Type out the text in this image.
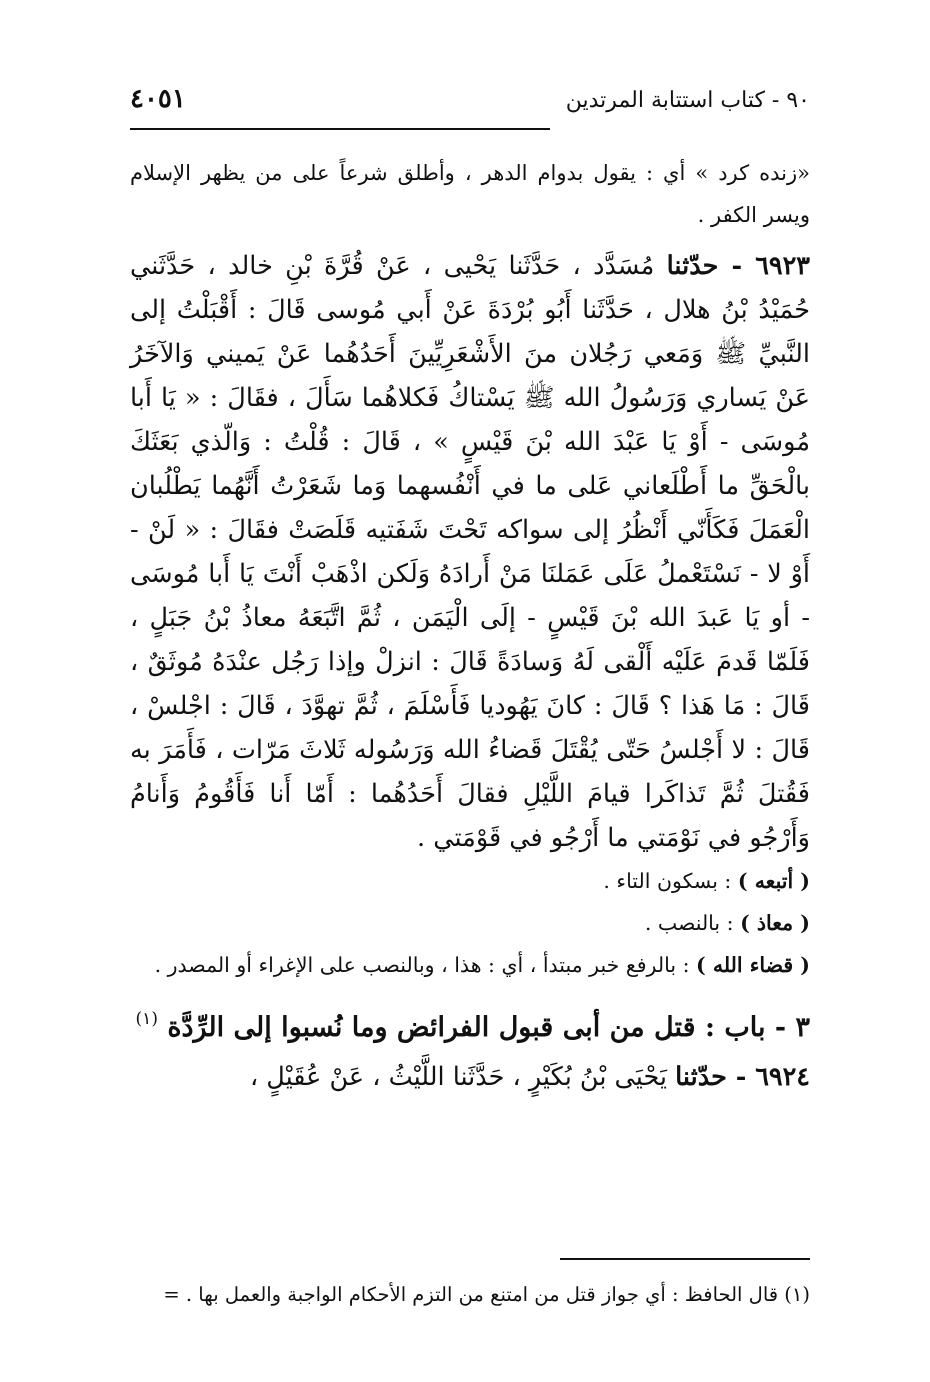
٩٠ - كتاب استتابة المرتدين
٤٠٥١

«زنده كرد » أي : يقول بدوام الدهر ، وأطلق شرعاً على من يظهر الإسلام ويسر الكفر .

٦٩٢٣ - حدّثنا مُسَدَّد ، حَدَّثَنا يَحْيى ، عَنْ قُرَّةَ بْنِ خالد ، حَدَّثَني حُمَيْدُ بْنُ هلال ، حَدَّثَنا أَبُو بُرْدَةَ عَنْ أَبي مُوسى قَالَ : أَقْبَلْتُ إلى النَّبيِّ ﷺ وَمَعي رَجُلان منَ الأَشْعَرِيِّينَ أَحَدُهُما عَنْ يَميني وَالآخَرُ عَنْ يَساري وَرَسُولُ الله ﷺ يَسْتاكُ فَكلاهُما سَأَلَ ، فقَالَ : « يَا أَبا مُوسَى - أَوْ يَا عَبْدَ الله بْنَ قَيْسٍ » ، قَالَ : قُلْتُ : وَالّذي بَعَثَكَ بالْحَقِّ ما أَطْلَعاني عَلى ما في أَنْفُسهما وَما شَعَرْتُ أَنَّهُما يَطْلُبان الْعَمَلَ فَكَأَنّي أَنْظُرُ إلى سواكه تَحْتَ شَفَتيه قَلَصَتْ فقَالَ : « لَنْ - أَوْ لا - نَسْتَعْملُ عَلَى عَمَلنَا مَنْ أَرادَهُ وَلَكن اذْهَبْ أَنْتَ يَا أَبا مُوسَى - أو يَا عَبدَ الله بْنَ قَيْسٍ - إلَى الْيَمَن ، ثُمَّ اتَّبَعَهُ معاذُ بْنُ جَبَلٍ ، فَلَمّا قَدمَ عَلَيْه أَلْقى لَهُ وَسادَةً قَالَ : انزلْ وإذا رَجُل عنْدَهُ مُوثَقٌ ، قَالَ : مَا هَذا ؟ قَالَ : كانَ يَهُوديا فَأَسْلَمَ ، ثُمَّ تهوَّدَ ، قَالَ : اجْلسْ ، قَالَ : لا أَجْلسُ حَتّى يُقْتَلَ قَضاءُ الله وَرَسُوله ثَلاثَ مَرّات ، فَأَمَرَ به فَقُتلَ ثُمَّ تَذاكَرا قيامَ اللَّيْلِ فقالَ أَحَدُهُما : أَمّا أَنا فَأَقُومُ وَأَنامُ وَأَرْجُو في نَوْمَتي ما أَرْجُو في قَوْمَتي .

( أتبعه ) : بسكون التاء .

( معاذ ) : بالنصب .

( قضاء الله ) : بالرفع خبر مبتدأ ، أي : هذا ، وبالنصب على الإغراء أو المصدر .

٣ - باب : قتل من أبى قبول الفرائض وما نُسبوا إلى الرِّدَّة $^{(١)}$

٦٩٢٤ - حدّثنا يَحْيَى بْنُ بُكَيْرٍ ، حَدَّثَنا اللَّيْثُ ، عَنْ عُقَيْلٍ ،

(١) قال الحافظ : أي جواز قتل من امتنع من التزم الأحكام الواجبة والعمل بها . =
